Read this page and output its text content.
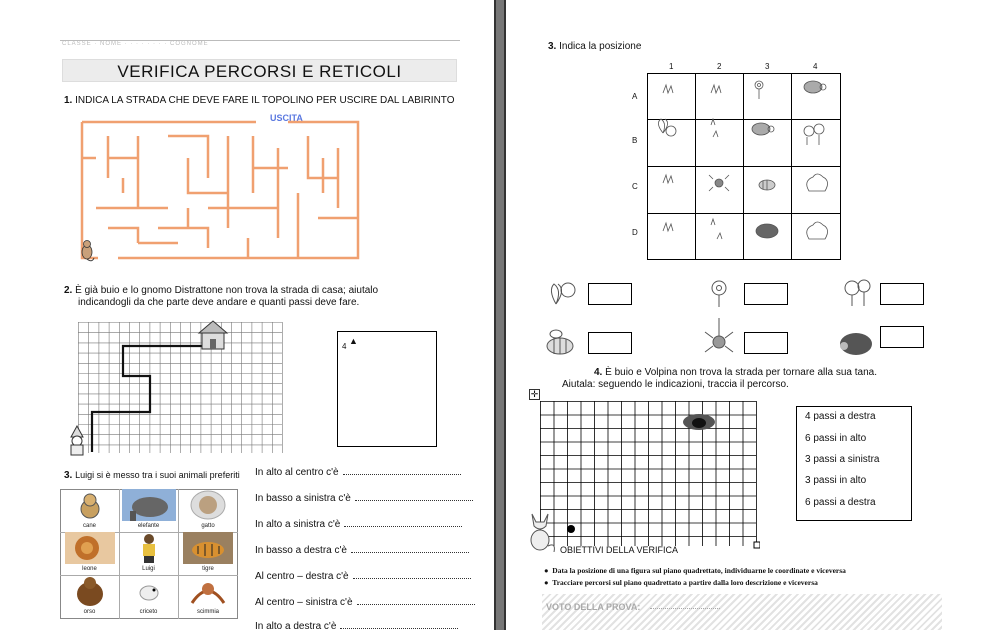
CLASSE · NOME · · · · · · · · COGNOME
VERIFICA PERCORSI E RETICOLI
1. INDICA LA STRADA CHE DEVE FARE IL TOPOLINO PER USCIRE DAL LABIRINTO
USCITA
2. È già buio e lo gnomo Distrattone non trova la strada di casa; aiutalo
indicandogli da che parte deve andare e quanti passi deve fare.
4
▲
3. Luigi si è messo tra i suoi animali preferiti
cane	elefante	gatto
leone	Luigi	tigre
orso	criceto	scimmia
In alto al centro c'è
In basso a sinistra c'è
In alto a sinistra c'è
In basso a destra c'è
Al centro – destra c'è
Al centro – sinistra c'è
In alto a destra c'è
3. Indica la posizione
1	2	3	4
A
B
C
D
4. È buio e Volpina non trova la strada per tornare alla sua tana.
Aiutala: seguendo le indicazioni, traccia il percorso.
✛
4 passi a destra
6 passi in alto
3 passi a sinistra
3 passi in alto
6 passi a destra
OBIETTIVI DELLA VERIFICA
● Data la posizione di una figura sul piano quadrettato, individuarne le coordinate e viceversa
● Tracciare percorsi sul piano quadrettato a partire dalla loro descrizione e viceversa
VOTO DELLA PROVA:
